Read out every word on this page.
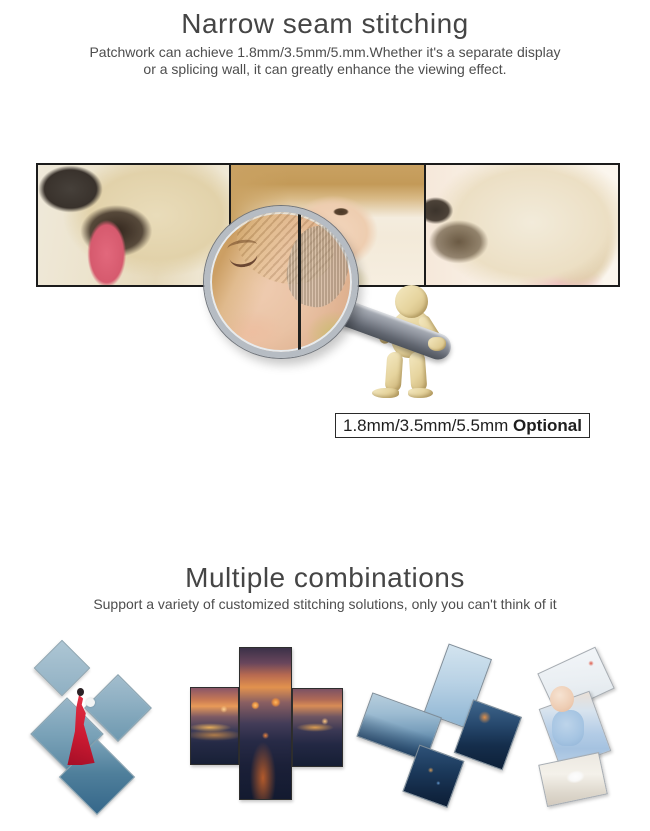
Narrow seam stitching

Patchwork can achieve 1.8mm/3.5mm/5.mm.Whether it's a separate display

or a splicing wall, it can greatly enhance the viewing effect.

1.8mm/3.5mm/5.5mm Optional
Multiple combinations

Support a variety of customized stitching solutions, only you can't think of it
